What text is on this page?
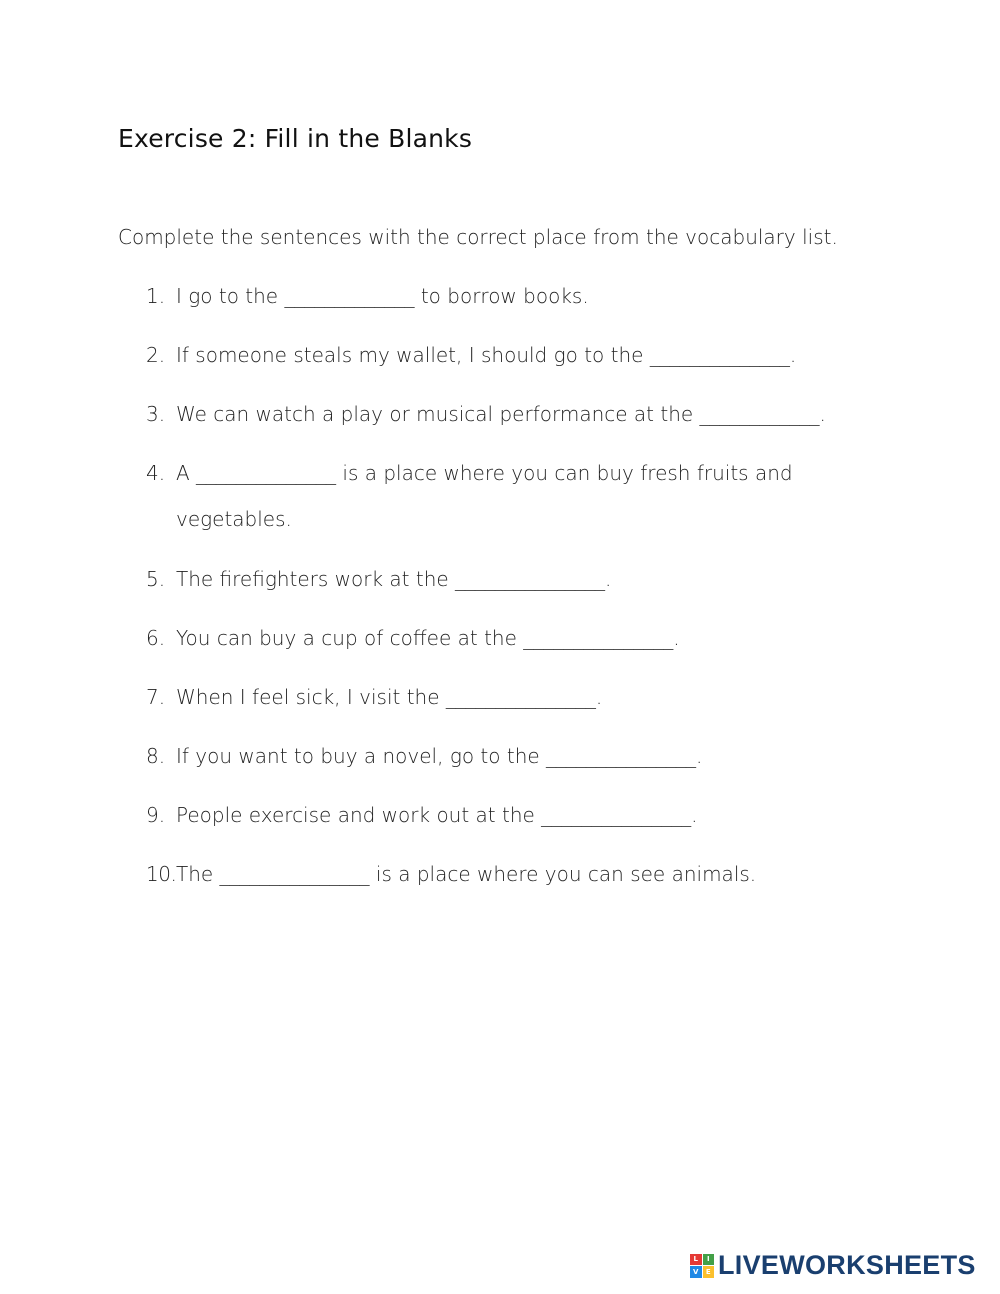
Exercise 2: Fill in the Blanks
Complete the sentences with the correct place from the vocabulary list.
1. I go to the _____________ to borrow books.
2. If someone steals my wallet, I should go to the ______________.
3. We can watch a play or musical performance at the ____________.
4. A ______________ is a place where you can buy fresh fruits and
vegetables.
5. The firefighters work at the _______________.
6. You can buy a cup of coffee at the _______________.
7. When I feel sick, I visit the _______________.
8. If you want to buy a novel, go to the _______________.
9. People exercise and work out at the _______________.
10.The _______________ is a place where you can see animals.
L	I
V	E LIVEWORKSHEETS
